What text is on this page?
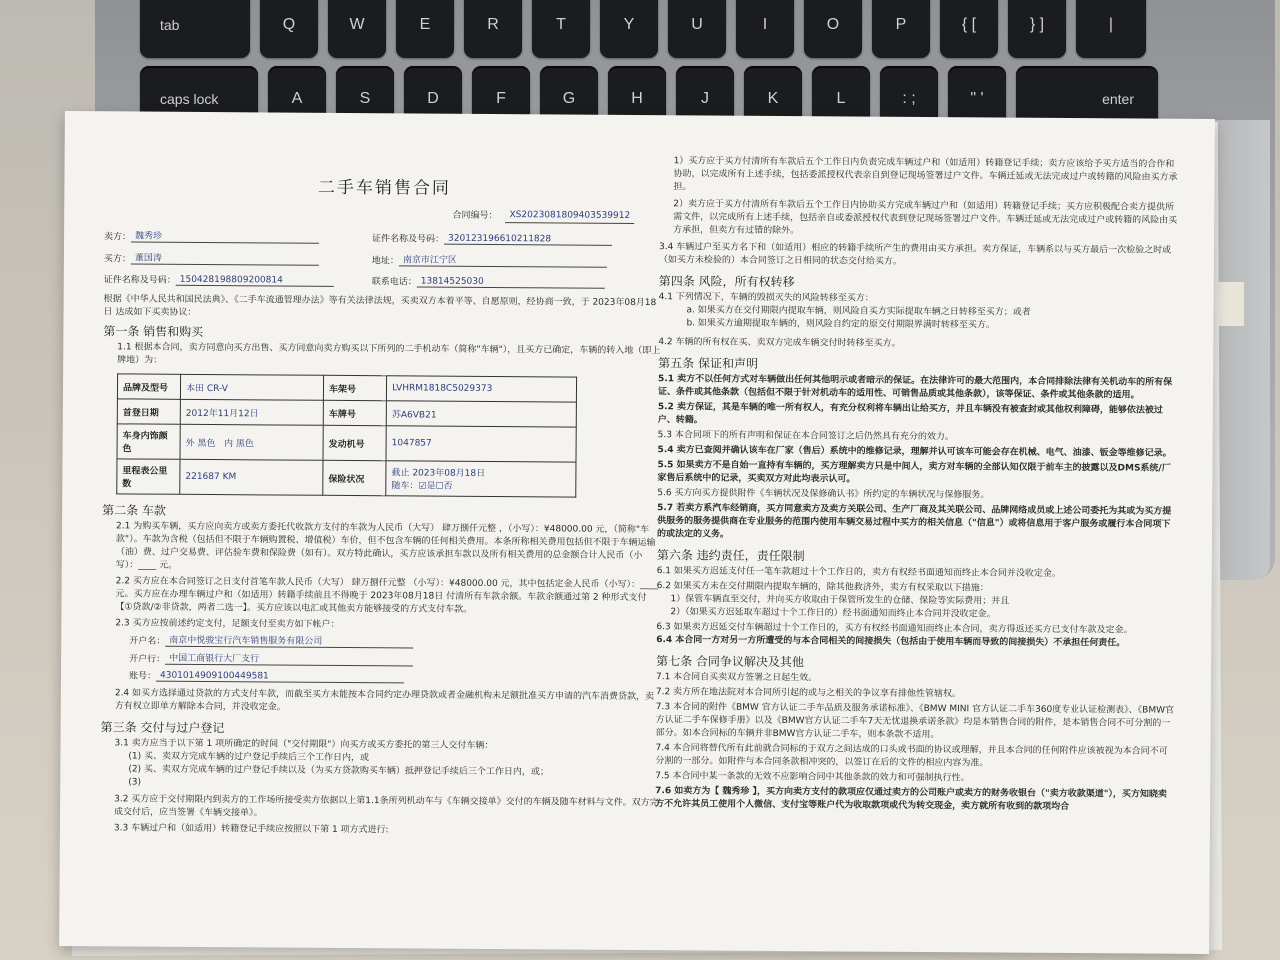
tab	Q	W	E	R	T	Y	U	I	O	P	{ [	} ]	|
caps lock	A	S	D	F	G	H	J	K	L	: ;	" '	enter
二手车销售合同
合同编号：	XS2023081809403539912
卖方： 魏秀珍	证件名称及号码： 320123196610211828
买方： 董国涛	地址： 南京市江宁区
证件名称及号码： 150428198809200814	联系电话： 13814525030
根据《中华人民共和国民法典》、《二手车流通管理办法》等有关法律法规，买卖双方本着平等、自愿原则，经协商一致，于 2023年08月18日 达成如下买卖协议：
第一条 销售和购买
1.1 根据本合同，卖方同意向买方出售、买方同意向卖方购买以下所列的二手机动车（简称"车辆"），且买方已确定，车辆的转入地（即上牌地）为：
品牌及型号	本田 CR-V	车架号	LVHRM1818C5029373
首登日期	2012年11月12日	车牌号	苏A6VB21
车身内饰颜色	外 黑色 内 黑色	发动机号	1047857
里程表公里数	221687 KM	保险状况	截止 2023年08月18日
随车：☑是☐否
第二条 车款
2.1 为购买车辆，买方应向卖方或卖方委托代收款方支付的车款为人民币（大写） 肆万捌仟元整 ，（小写）：¥48000.00 元，（简称"车款"）。车款为含税（包括但不限于车辆购置税、增值税）车价，但不包含车辆的任何相关费用。本条所称相关费用包括但不限于车辆运输（油）费、过户交易费、评估验车费和保险费（如有）。双方特此确认，买方应该承担车款以及所有相关费用的总金额合计人民币（小写）：____ 元。
2.2 买方应在本合同签订之日支付首笔车款人民币（大写） 肆万捌仟元整 （小写）：¥48000.00 元，其中包括定金人民币（小写）：____ 元。买方应在办理车辆过户和（如适用）转籍手续前且不得晚于 2023年08月18日 付清所有车款余额。车款余额通过第 2 种形式支付【①贷款/②非贷款，两者二选一】。买方应该以电汇或其他卖方能够接受的方式支付车款。
2.3 买方应按前述约定支付，足额支付至卖方如下帐户：
开户名： 南京中悦骏宝行汽车销售服务有限公司
开户行： 中国工商银行大厂支行
账号： 4301014909100449581
2.4 如买方选择通过贷款的方式支付车款，而截至买方未能按本合同约定办理贷款或者金融机构未足额批准买方申请的汽车消费贷款，卖方有权立即单方解除本合同，并没收定金。
第三条 交付与过户登记
3.1 卖方应当于以下第 1 项所确定的时间（"交付期限"）向买方或买方委托的第三人交付车辆：
(1) 买、卖双方完成车辆的过户登记手续后三个工作日内，或
(2) 买、卖双方完成车辆的过户登记手续以及（为买方贷款购买车辆）抵押登记手续后三个工作日内，或；
(3)
3.2 买方应于交付期限内到卖方的工作场所接受卖方依据以上第1.1条所列机动车与《车辆交接单》交付的车辆及随车材料与文件。双方完成交付后，应当签署《车辆交接单》。
3.3 车辆过户和（如适用）转籍登记手续应按照以下第 1 项方式进行:
1）买方应于买方付清所有车款后五个工作日内负责完成车辆过户和（如适用）转籍登记手续；卖方应该给予买方适当的合作和协助，以完成所有上述手续，包括委派授权代表亲自到登记现场签署过户文件。车辆迁延或无法完成过户或转籍的风险由买方承担。
2）卖方应于买方付清所有车款后五个工作日内协助买方完成车辆过户和（如适用）转籍登记手续；买方应积极配合卖方提供所需文件，以完成所有上述手续，包括亲自或委派授权代表到登记现场签署过户文件。车辆迁延或无法完成过户或转籍的风险由买方承担，但卖方有过错的除外。
3.4 车辆过户至买方名下和（如适用）相应的转籍手续所产生的费用由买方承担。卖方保证，车辆系以与买方最后一次检验之时或（如买方未检验的）本合同签订之日相同的状态交付给买方。
第四条 风险，所有权转移
4.1 下列情况下，车辆的毁损灭失的风险转移至买方：
a. 如果买方在交付期限内提取车辆，则风险自买方实际提取车辆之日转移至买方；或者
b. 如果买方逾期提取车辆的，则风险自约定的原交付期限界满时转移至买方。
4.2 车辆的所有权在买、卖双方完成车辆交付时转移至买方。
第五条 保证和声明
5.1 卖方不以任何方式对车辆做出任何其他明示或者暗示的保证。在法律许可的最大范围内，本合同排除法律有关机动车的所有保证、条件或其他条款（包括但不限于针对机动车的适用性、可销售品质或其他条款），该等保证、条件或其他条款的适用。
5.2 卖方保证，其是车辆的唯一所有权人，有充分权利将车辆出让给买方，并且车辆没有被查封或其他权利障碍，能够依法被过户、转籍。
5.3 本合同项下的所有声明和保证在本合同签订之后仍然具有充分的效力。
5.4 卖方已查阅并确认该车在厂家（售后）系统中的维修记录，理解并认可该车可能会存在机械、电气、油漆、钣金等维修记录。
5.5 如果卖方不是自始一直持有车辆的，买方理解卖方只是中间人，卖方对车辆的全部认知仅限于前车主的披露以及DMS系统/厂家售后系统中的记录，买卖双方对此均表示认可。
5.6 买方向买方提供附件《车辆状况及保修确认书》所约定的车辆状况与保修服务。
5.7 若卖方系汽车经销商，买方同意卖方及卖方关联公司、生产厂商及其关联公司、品牌网络成员或上述公司委托为其或为买方提供服务的服务提供商在专业服务的范围内使用车辆交易过程中买方的相关信息（"信息"）或将信息用于客户服务或履行本合同项下的或法定的义务。
第六条 违约责任，责任限制
6.1 如果买方迟延支付任一笔车款超过十个工作日的，卖方有权经书面通知而终止本合同并没收定金。
6.2 如果买方未在交付期限内提取车辆的，除其他救济外，卖方有权采取以下措施：
1）保管车辆直至交付，并向买方收取由于保管所发生的仓储、保险等实际费用；并且
2）（如果买方迟延取车超过十个工作日的）经书面通知而终止本合同并没收定金。
6.3 如果卖方迟延交付车辆超过十个工作日的，买方有权经书面通知而终止本合同，卖方得返还买方已支付车款及定金。
6.4 本合同一方对另一方所遭受的与本合同相关的间接损失（包括由于使用车辆而导致的间接损失）不承担任何责任。
第七条 合同争议解决及其他
7.1 本合同自买卖双方签署之日起生效。
7.2 卖方所在地法院对本合同所引起的或与之相关的争议享有排他性管辖权。
7.3 本合同的附件《BMW 官方认证二手车品质及服务承诺标准》、《BMW MINI 官方认证二手车360度专业认证检测表》、《BMW官方认证二手车保修手册》以及《BMW官方认证二手车7天无忧退换承诺条款》均是本销售合同的附件，是本销售合同不可分割的一部分。如本合同标的车辆并非BMW官方认证二手车，则本条款不适用。
7.4 本合同将替代所有此前就合同标的于双方之间达成的口头或书面的协议或理解，并且本合同的任何附件应该被视为本合同不可分割的一部分。如附件与本合同条款相冲突的，以签订在后的文件的相应内容为准。
7.5 本合同中某一条款的无效不应影响合同中其他条款的效力和可强制执行性。
7.6 如卖方为【 魏秀珍 】，买方向卖方支付的款项应仅通过卖方的公司账户或卖方的财务收银台（"卖方收款渠道"），买方知晓卖方不允许其员工使用个人微信、支付宝等账户代为收取款项或代为转交现金，卖方就所有收到的款项均合
